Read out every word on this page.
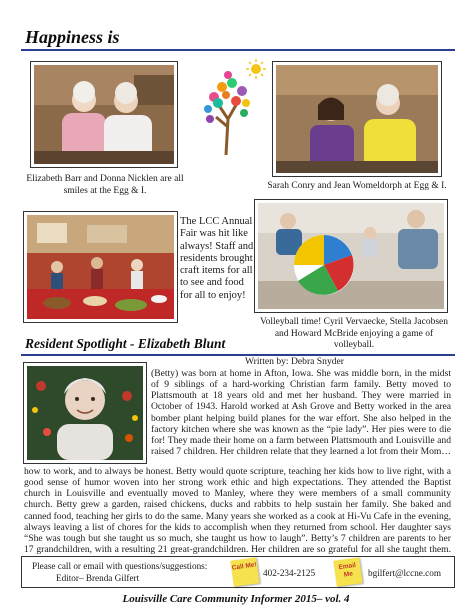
Happiness is
Elizabeth Barr and Donna Nicklen are all smiles at the Egg & I.	Sarah Conry and Jean Womeldorph at Egg & I.
The LCC Annual Fair was hit like always! Staff and residents brought craft items for all to see and food for all to enjoy!
Volleyball time! Cyril Vervaecke, Stella Jacobsen and Howard McBride enjoying a game of volleyball.
Resident Spotlight - Elizabeth Blunt
Written by: Debra Snyder
(Betty) was born at home in Afton, Iowa. She was middle born, in the midst of 9 siblings of a hard-working Christian farm family. Betty moved to Plattsmouth at 18 years old and met her husband. They were married in October of 1943. Harold worked at Ash Grove and Betty worked in the area bomber plant helping build planes for the war effort. She also helped in the factory kitchen where she was known as the “pie lady”. Her pies were to die for! They made their home on a farm between Plattsmouth and Louisville and raised 7 children. Her children relate that they learned a lot from their Mom…
how to work, and to always be honest. Betty would quote scripture, teaching her kids how to live right, with a good sense of humor woven into her strong work ethic and high expectations. They attended the Baptist church in Louisville and eventually moved to Manley, where they were members of a small community church. Betty grew a garden, raised chickens, ducks and rabbits to help sustain her family. She baked and canned food, teaching her girls to do the same. Many years she worked as a cook at Hi-Vu Cafe in the evening, always leaving a list of chores for the kids to accomplish when they returned from school. Her daughter says “She was tough but she taught us so much, she taught us how to laugh”. Betty’s 7 children are parents to her 17 grandchildren, with a resulting 21 great-grandchildren. Her children are so grateful for all she taught them.
Please call or email with questions/suggestions:
Editor– Brenda Gilfert
Call Me!
402-234-2125
Email Me	bgilfert@lccne.com
Louisville Care Community Informer 2015– vol. 4
